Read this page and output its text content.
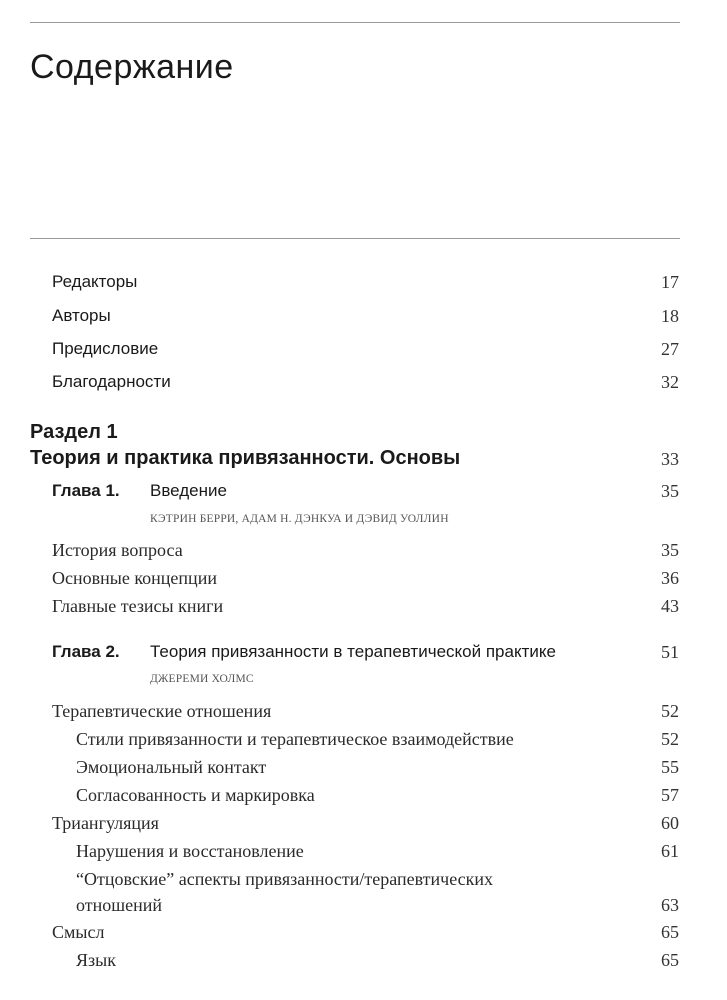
Содержание
Редакторы	17
Авторы	18
Предисловие	27
Благодарности	32
Раздел 1
Теория и практика привязанности. Основы	33
Глава 1. Введение	35
КЭТРИН БЕРРИ, АДАМ Н. ДЭНКУА И ДЭВИД УОЛЛИН
История вопроса	35
Основные концепции	36
Главные тезисы книги	43
Глава 2. Теория привязанности в терапевтической практике	51
ДЖЕРЕМИ ХОЛМС
Терапевтические отношения	52
Стили привязанности и терапевтическое взаимодействие	52
Эмоциональный контакт	55
Согласованность и маркировка	57
Триангуляция	60
Нарушения и восстановление	61
“Отцовские” аспекты привязанности/терапевтических
отношений	63
Смысл	65
Язык	65
